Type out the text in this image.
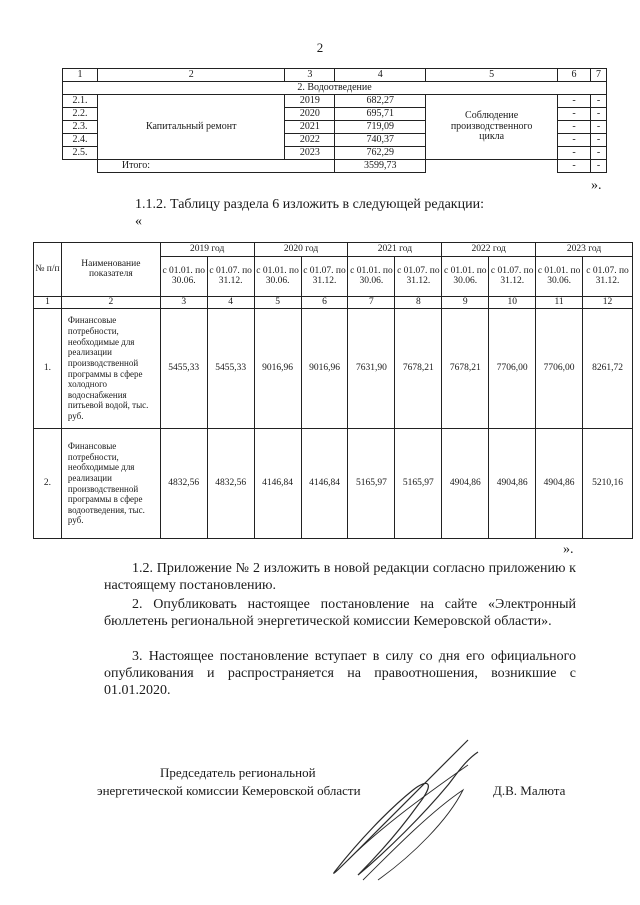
2
1	2	3	4	5	6	7
2. Водоотведение						
2.1.	Капитальный ремонт	2019	682,27	Соблюдение производственного цикла	-	-
2.2.		2020	695,71		-	-
2.3.		2021	719,09		-	-
2.4.		2022	740,37		-	-
2.5.		2023	762,29		-	-
	Итого:		3599,73		-	-
».
1.1.2. Таблицу раздела 6 изложить в следующей редакции:
«
№ п/п	Наименование показателя	2019 год		2020 год		2021 год		2022 год		2023 год	
		с 01.01. по 30.06.	с 01.07. по 31.12.	с 01.01. по 30.06.	с 01.07. по 31.12.	с 01.01. по 30.06.	с 01.07. по 31.12.	с 01.01. по 30.06.	с 01.07. по 31.12.	с 01.01. по 30.06.	с 01.07. по 31.12.
1	2	3	4	5	6	7	8	9	10	11	12
1.	Финансовые потребности, необходимые для реализации производственной программы в сфере холодного водоснабжения питьевой водой, тыс. руб.	5455,33	5455,33	9016,96	9016,96	7631,90	7678,21	7678,21	7706,00	7706,00	8261,72
2.	Финансовые потребности, необходимые для реализации производственной программы в сфере водоотведения, тыс. руб.	4832,56	4832,56	4146,84	4146,84	5165,97	5165,97	4904,86	4904,86	4904,86	5210,16
».
1.2. Приложение № 2 изложить в новой редакции согласно приложению к настоящему постановлению.
2. Опубликовать настоящее постановление на сайте «Электронный бюллетень региональной энергетической комиссии Кемеровской области».
3. Настоящее постановление вступает в силу со дня его официального опубликования и распространяется на правоотношения, возникшие с 01.01.2020.
Председатель региональной
энергетической комиссии Кемеровской области	Д.В. Малюта
